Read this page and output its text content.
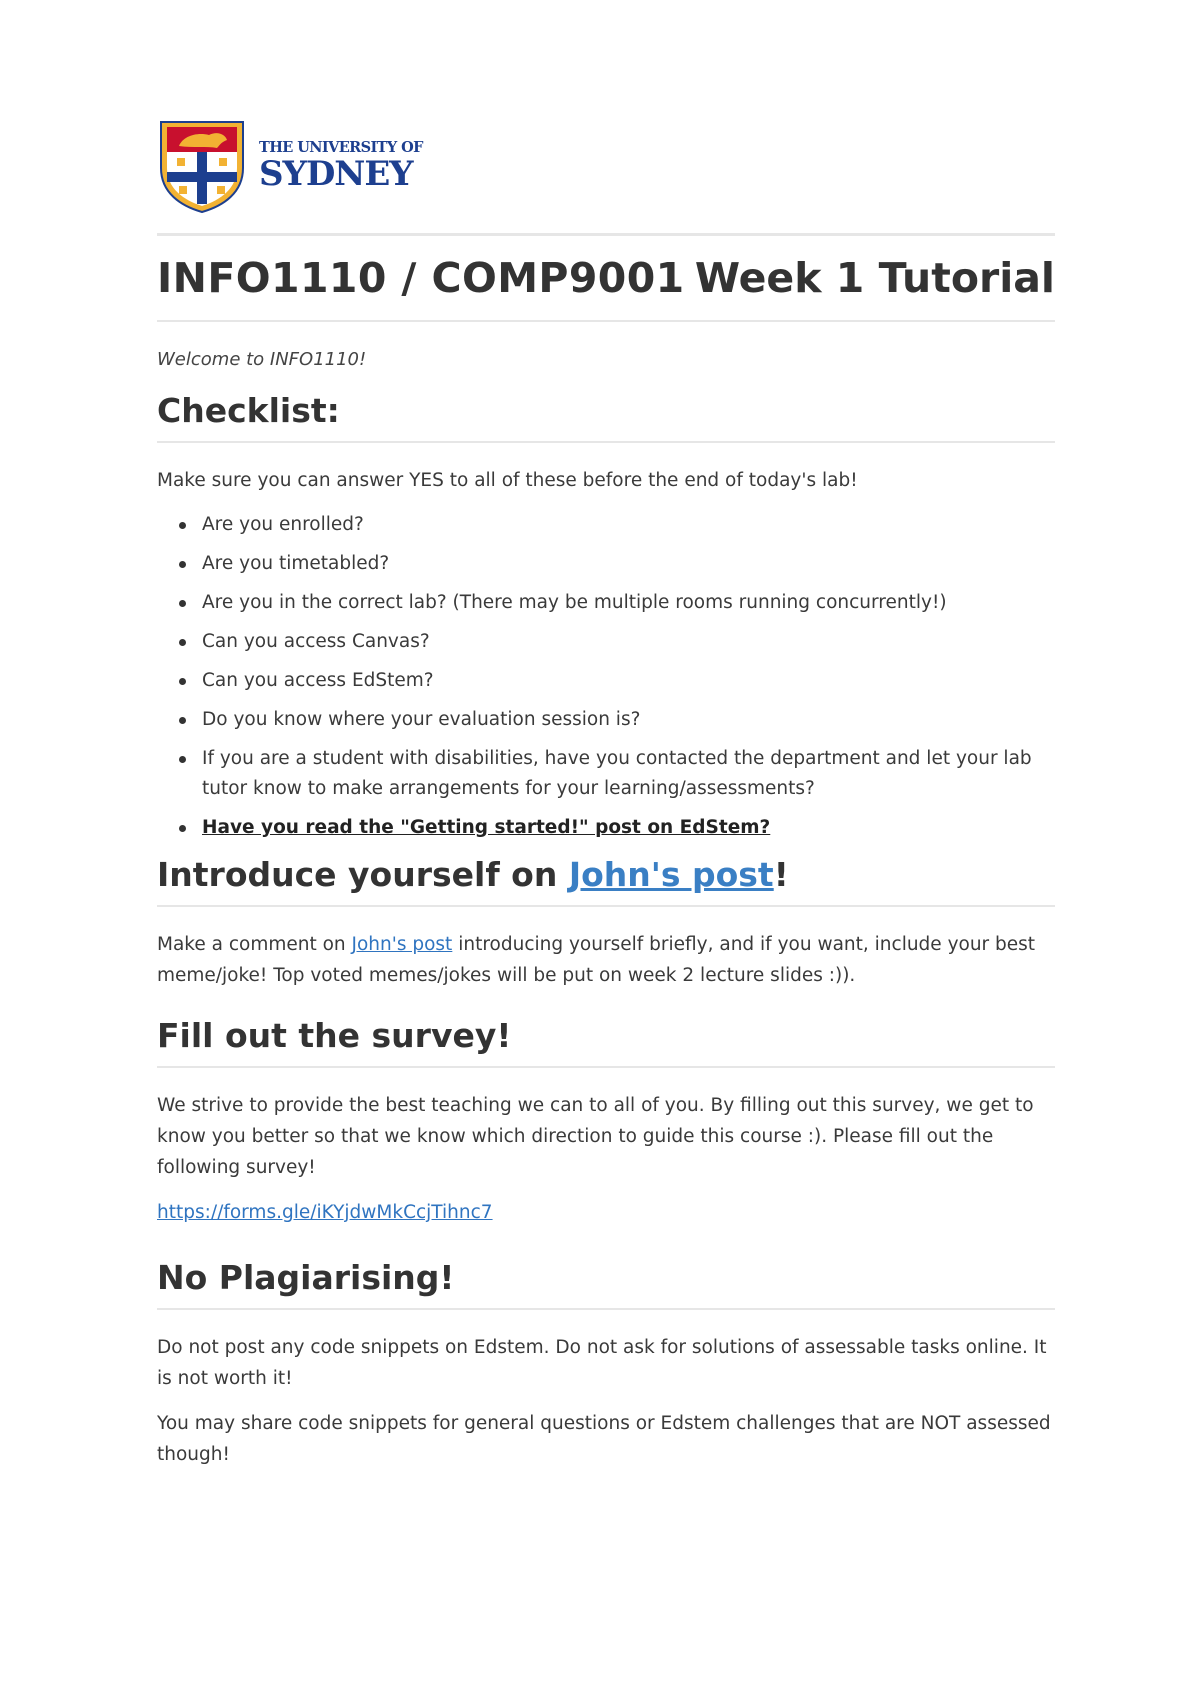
THE UNIVERSITY OF
SYDNEY
INFO1110 / COMP9001 Week 1 Tutorial

Welcome to INFO1110!

Checklist:

Make sure you can answer YES to all of these before the end of today's lab!

Are you enrolled?
Are you timetabled?
Are you in the correct lab? (There may be multiple rooms running concurrently!)
Can you access Canvas?
Can you access EdStem?
Do you know where your evaluation session is?
If you are a student with disabilities, have you contacted the department and let your lab tutor know to make arrangements for your learning/assessments?
Have you read the "Getting started!" post on EdStem?
Introduce yourself on John's post!

Make a comment on John's post introducing yourself briefly, and if you want, include your best meme/joke! Top voted memes/jokes will be put on week 2 lecture slides :)).

Fill out the survey!

We strive to provide the best teaching we can to all of you. By filling out this survey, we get to know you better so that we know which direction to guide this course :). Please fill out the following survey!

https://forms.gle/iKYjdwMkCcjTihnc7

No Plagiarising!

Do not post any code snippets on Edstem. Do not ask for solutions of assessable tasks online. It is not worth it!

You may share code snippets for general questions or Edstem challenges that are NOT assessed though!
